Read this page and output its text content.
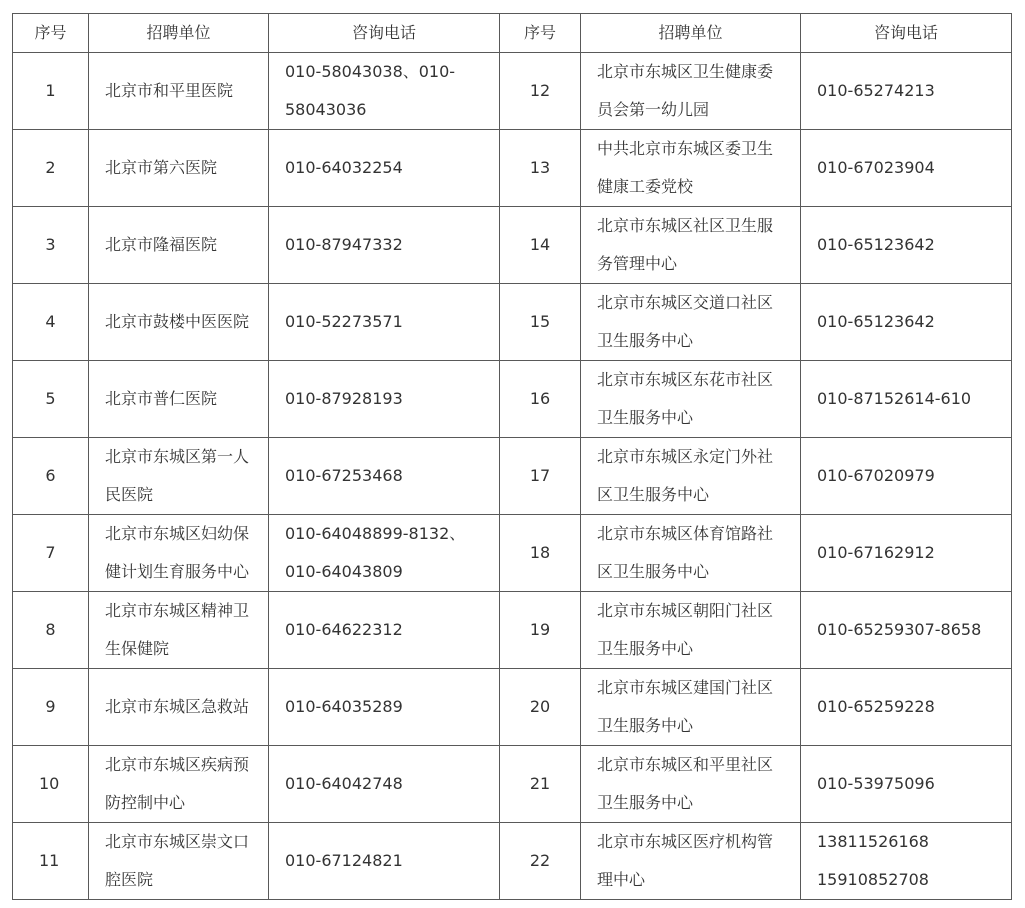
序号	招聘单位	咨询电话	序号	招聘单位	咨询电话
1	北京市和平里医院	010-58043038、010-
58043036	12	北京市东城区卫生健康委
员会第一幼儿园	010-65274213

2	北京市第六医院	010-64032254	13	中共北京市东城区委卫生
健康工委党校	010-67023904

3	北京市隆福医院	010-87947332	14	北京市东城区社区卫生服
务管理中心	010-65123642

4	北京市鼓楼中医医院	010-52273571	15	北京市东城区交道口社区
卫生服务中心	010-65123642

5	北京市普仁医院	010-87928193	16	北京市东城区东花市社区
卫生服务中心	010-87152614-610

6	北京市东城区第一人
民医院	010-67253468	17	北京市东城区永定门外社
区卫生服务中心	010-67020979

7	北京市东城区妇幼保
健计划生育服务中心	010-64048899-8132、
010-64043809	18	北京市东城区体育馆路社
区卫生服务中心	010-67162912

8	北京市东城区精神卫
生保健院	010-64622312	19	北京市东城区朝阳门社区
卫生服务中心	010-65259307-8658

9	北京市东城区急救站	010-64035289	20	北京市东城区建国门社区
卫生服务中心	010-65259228

10	北京市东城区疾病预
防控制中心	010-64042748	21	北京市东城区和平里社区
卫生服务中心	010-53975096

11	北京市东城区崇文口
腔医院	010-67124821	22	北京市东城区医疗机构管
理中心	13811526168
15910852708
